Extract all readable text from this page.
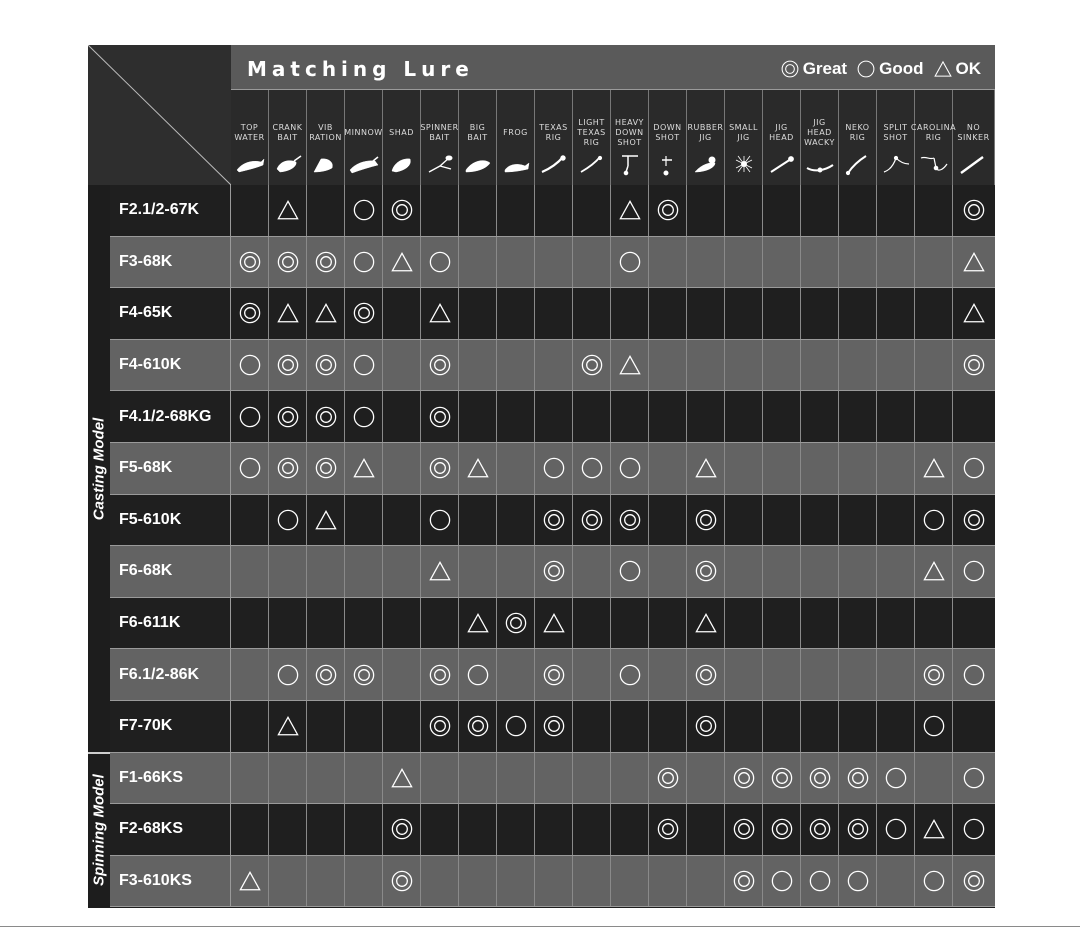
Matching Lure	Great Good OK
TOP
WATER
CRANK
BAIT
VIB
RATION
MINNOW SHAD
SPINNER
BAIT
BIG
BAIT
FROG
TEXAS
RIG
LIGHT
TEXAS
RIG
HEAVY
DOWN
SHOT
DOWN
SHOT
RUBBER
JIG
SMALL
JIG
JIG
HEAD
JIG
HEAD
WACKY
NEKO
RIG
SPLIT
SHOT
CAROLINA
RIG
NO
SINKER
Casting Model
Spinning Model
F2.1/2-67K
F3-68K
F4-65K
F4-610K
F4.1/2-68KG
F5-68K
F5-610K
F6-68K
F6-611K
F6.1/2-86K
F7-70K
F1-66KS
F2-68KS
F3-610KS
